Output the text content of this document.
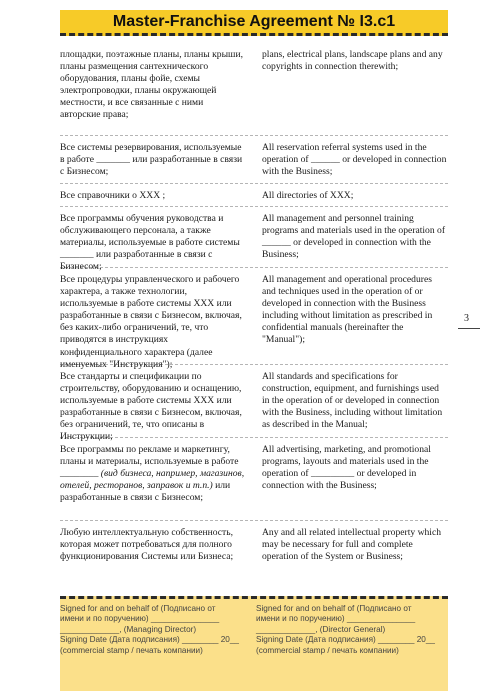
Master-Franchise Agreement № I3.c1
площадки, поэтажные планы, планы крыши, планы размещения сантехнического оборудования, планы фойе, схемы электропроводки, планы окружающей местности, и все связанные с ними авторские права;
plans, electrical plans, landscape plans and any copyrights in connection therewith;
Все системы резервирования, используемые в работе _______ или разработанные в связи с Бизнесом;
All reservation referral systems used in the operation of ______ or developed in connection with the Business;
Все справочники о XXX ;	All directories of XXX;
Все программы обучения руководства и обслуживающего персонала, а также материалы, используемые в работе системы _______ или разработанные в связи с Бизнесом;
All management and personnel training programs and materials used in the operation of ______ or developed in connection with the Business;
Все процедуры управленческого и рабочего характера, а также технологии, используемые в работе системы XXX или разработанные в связи с Бизнесом, включая, без каких-либо ограничений, те, что приводятся в инструкциях конфиденциального характера (далее именуемых "Инструкция");
All management and operational procedures and techniques used in the operation of or developed in connection with the Business including without limitation as prescribed in confidential manuals (hereinafter the "Manual");
Все стандарты и спецификации по строительству, оборудованию и оснащению, используемые в работе системы XXX или разработанные в связи с Бизнесом, включая, без ограничений, те, что описаны в Инструкции;
All standards and specifications for construction, equipment, and furnishings used in the operation of or developed in connection with the Business, including without limitation as described in the Manual;
Все программы по рекламе и маркетингу, планы и материалы, используемые в работе ________ (вид бизнеса, например, магазинов, отелей, ресторанов, заправок и т.п.) или разработанные в связи с Бизнесом;
All advertising, marketing, and promotional programs, layouts and materials used in the operation of _________ or developed in connection with the Business;
Любую интеллектуальную собственность, которая может потребоваться для полного функционирования Системы или Бизнеса;
Any and all related intellectual property which may be necessary for full and complete operation of the System or Business;
3
Signed for and on behalf of (Подписано от
имени и по поручению) _______________
_____________, (Managing Director)
Signing Date (Дата подписания) ________ 20__
(commercial stamp / печать компании)
Signed for and on behalf of (Подписано от
имени и по поручению) _______________
_____________, (Director General)
Signing Date (Дата подписания) ________ 20__
(commercial stamp / печать компании)
